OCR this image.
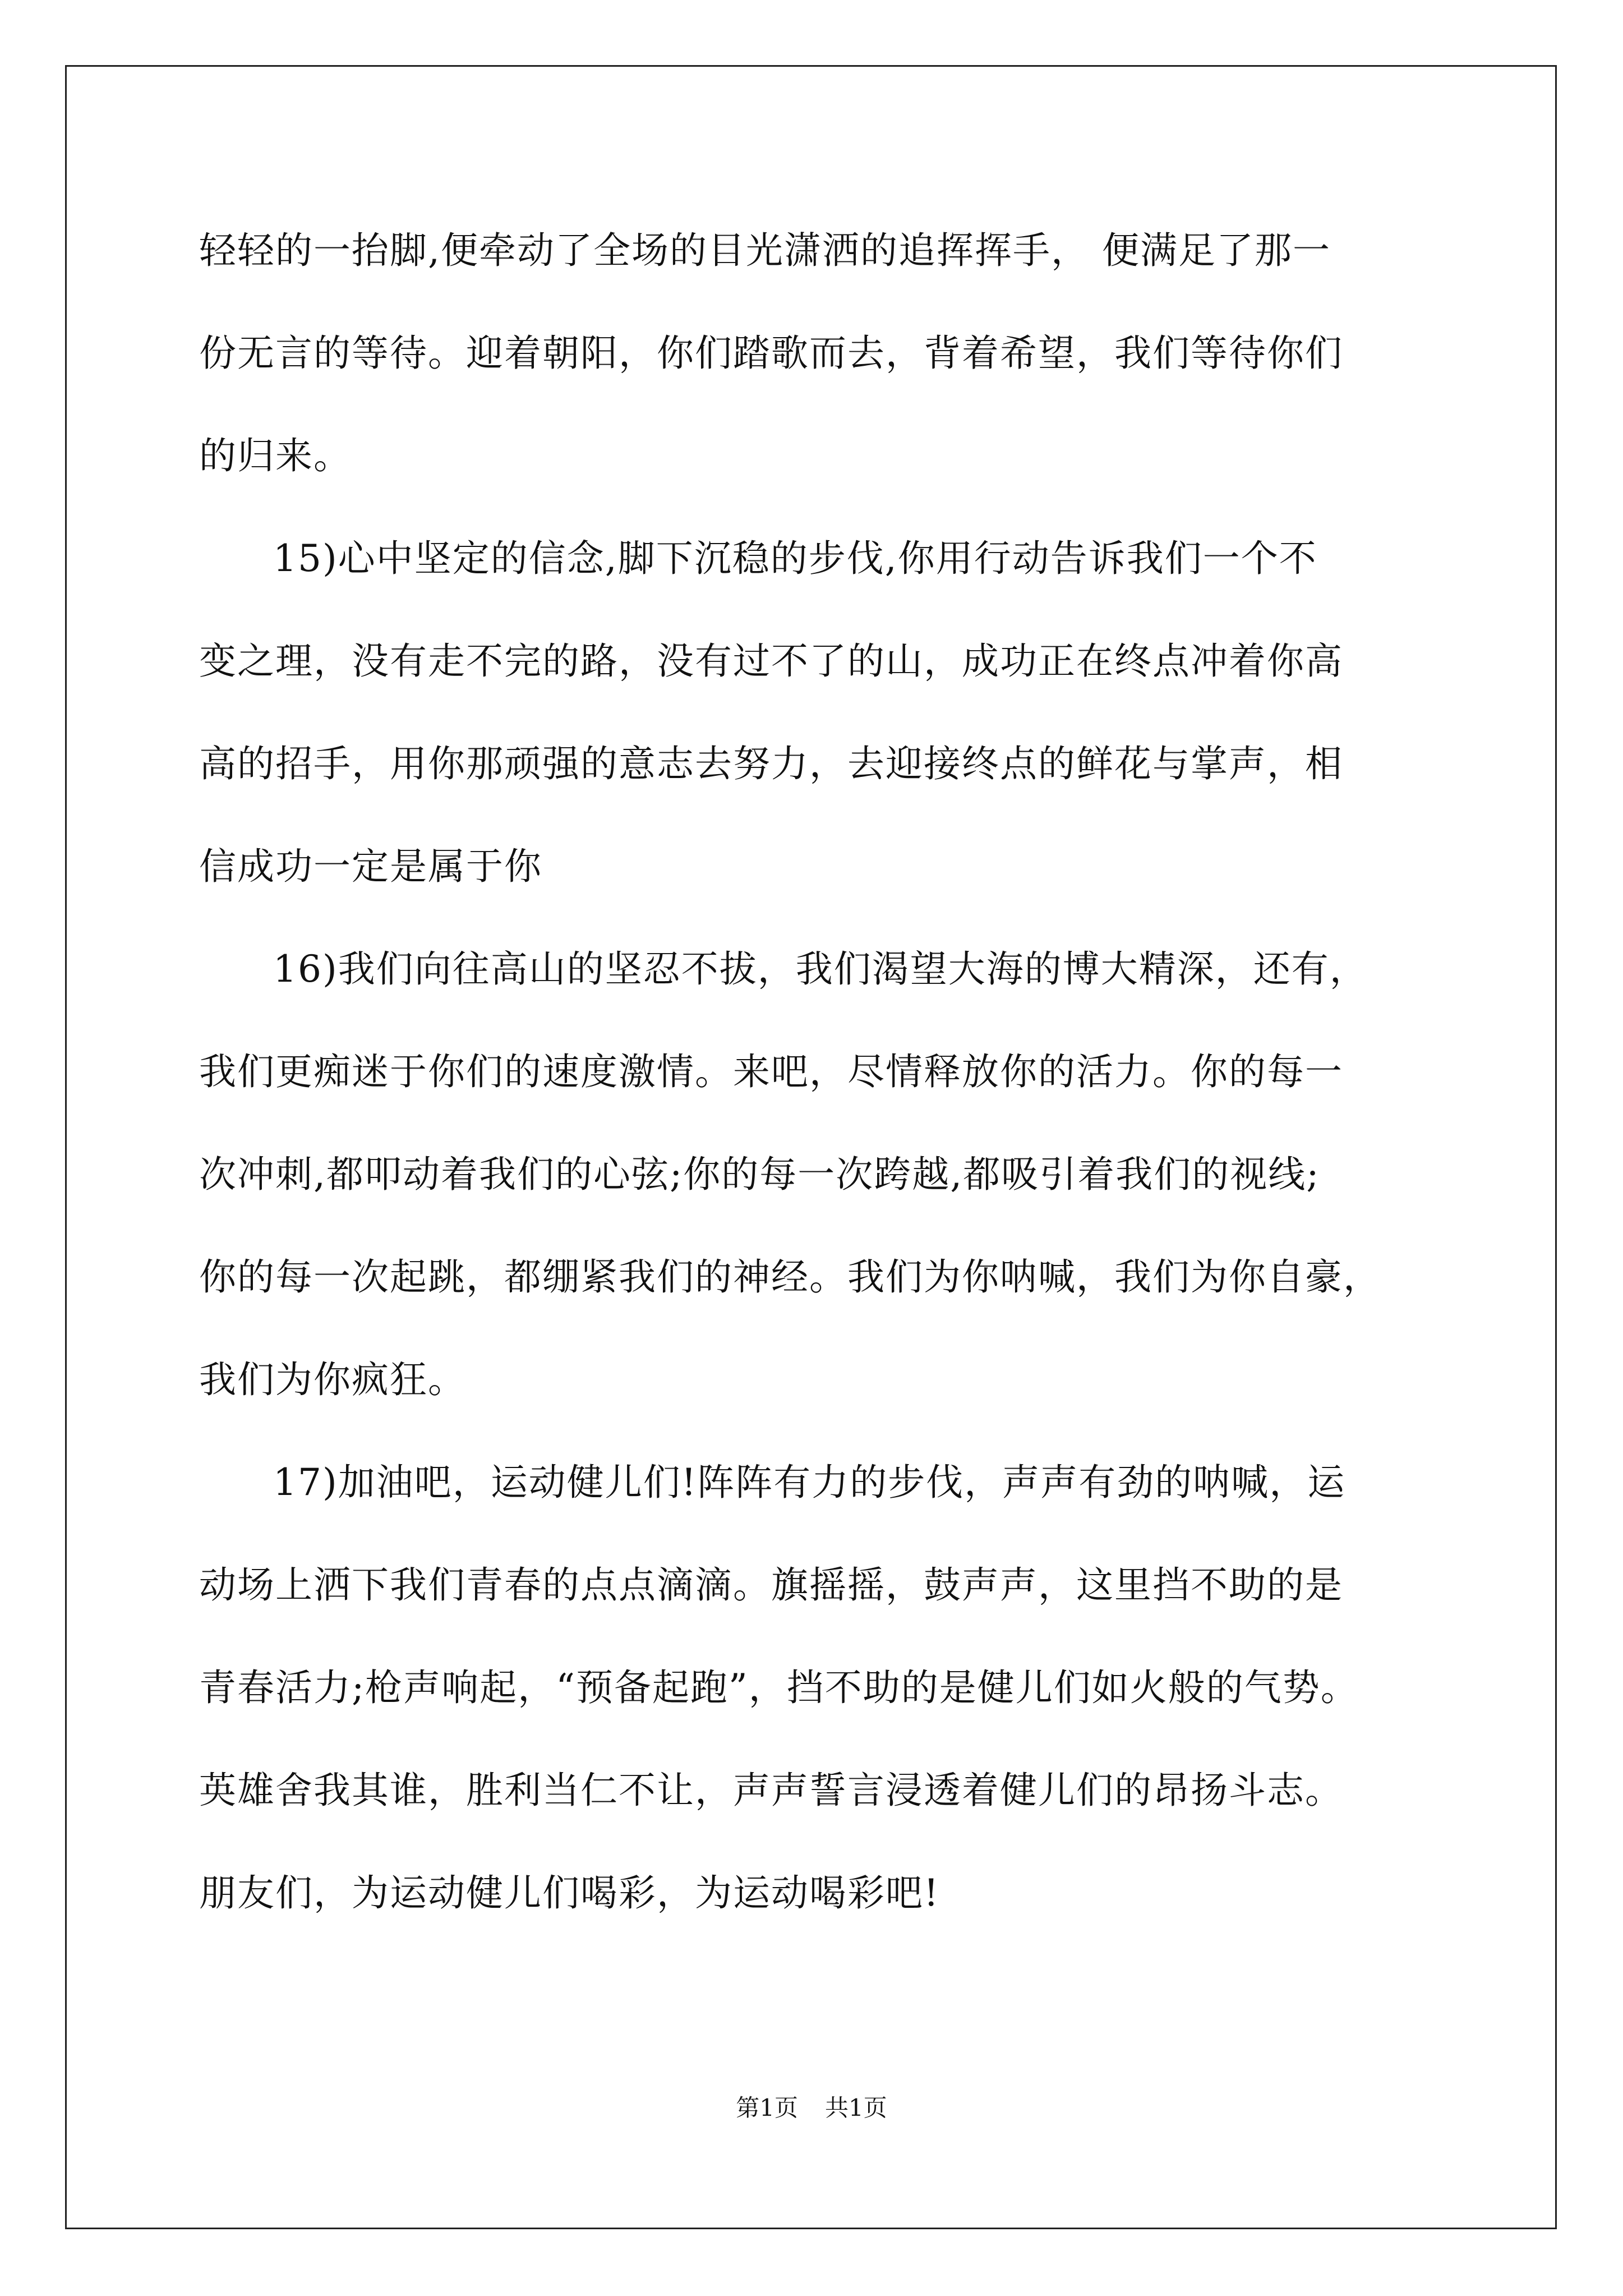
轻轻的一抬脚,便牵动了全场的目光潇洒的追挥挥手， 便满足了那一
份无言的等待。迎着朝阳，你们踏歌而去，背着希望，我们等待你们
的归来。
15)心中坚定的信念,脚下沉稳的步伐,你用行动告诉我们一个不
变之理，没有走不完的路，没有过不了的山，成功正在终点冲着你高
高的招手，用你那顽强的意志去努力，去迎接终点的鲜花与掌声，相
信成功一定是属于你
16)我们向往高山的坚忍不拔，我们渴望大海的博大精深，还有，
我们更痴迷于你们的速度激情。来吧，尽情释放你的活力。你的每一
次冲刺,都叩动着我们的心弦;你的每一次跨越,都吸引着我们的视线;
你的每一次起跳，都绷紧我们的神经。我们为你呐喊，我们为你自豪，
我们为你疯狂。
17)加油吧，运动健儿们!阵阵有力的步伐，声声有劲的呐喊，运
动场上洒下我们青春的点点滴滴。旗摇摇，鼓声声，这里挡不助的是
青春活力;枪声响起，“预备起跑”，挡不助的是健儿们如火般的气势。
英雄舍我其谁，胜利当仁不让，声声誓言浸透着健儿们的昂扬斗志。
朋友们，为运动健儿们喝彩，为运动喝彩吧!
第1页 共1页
